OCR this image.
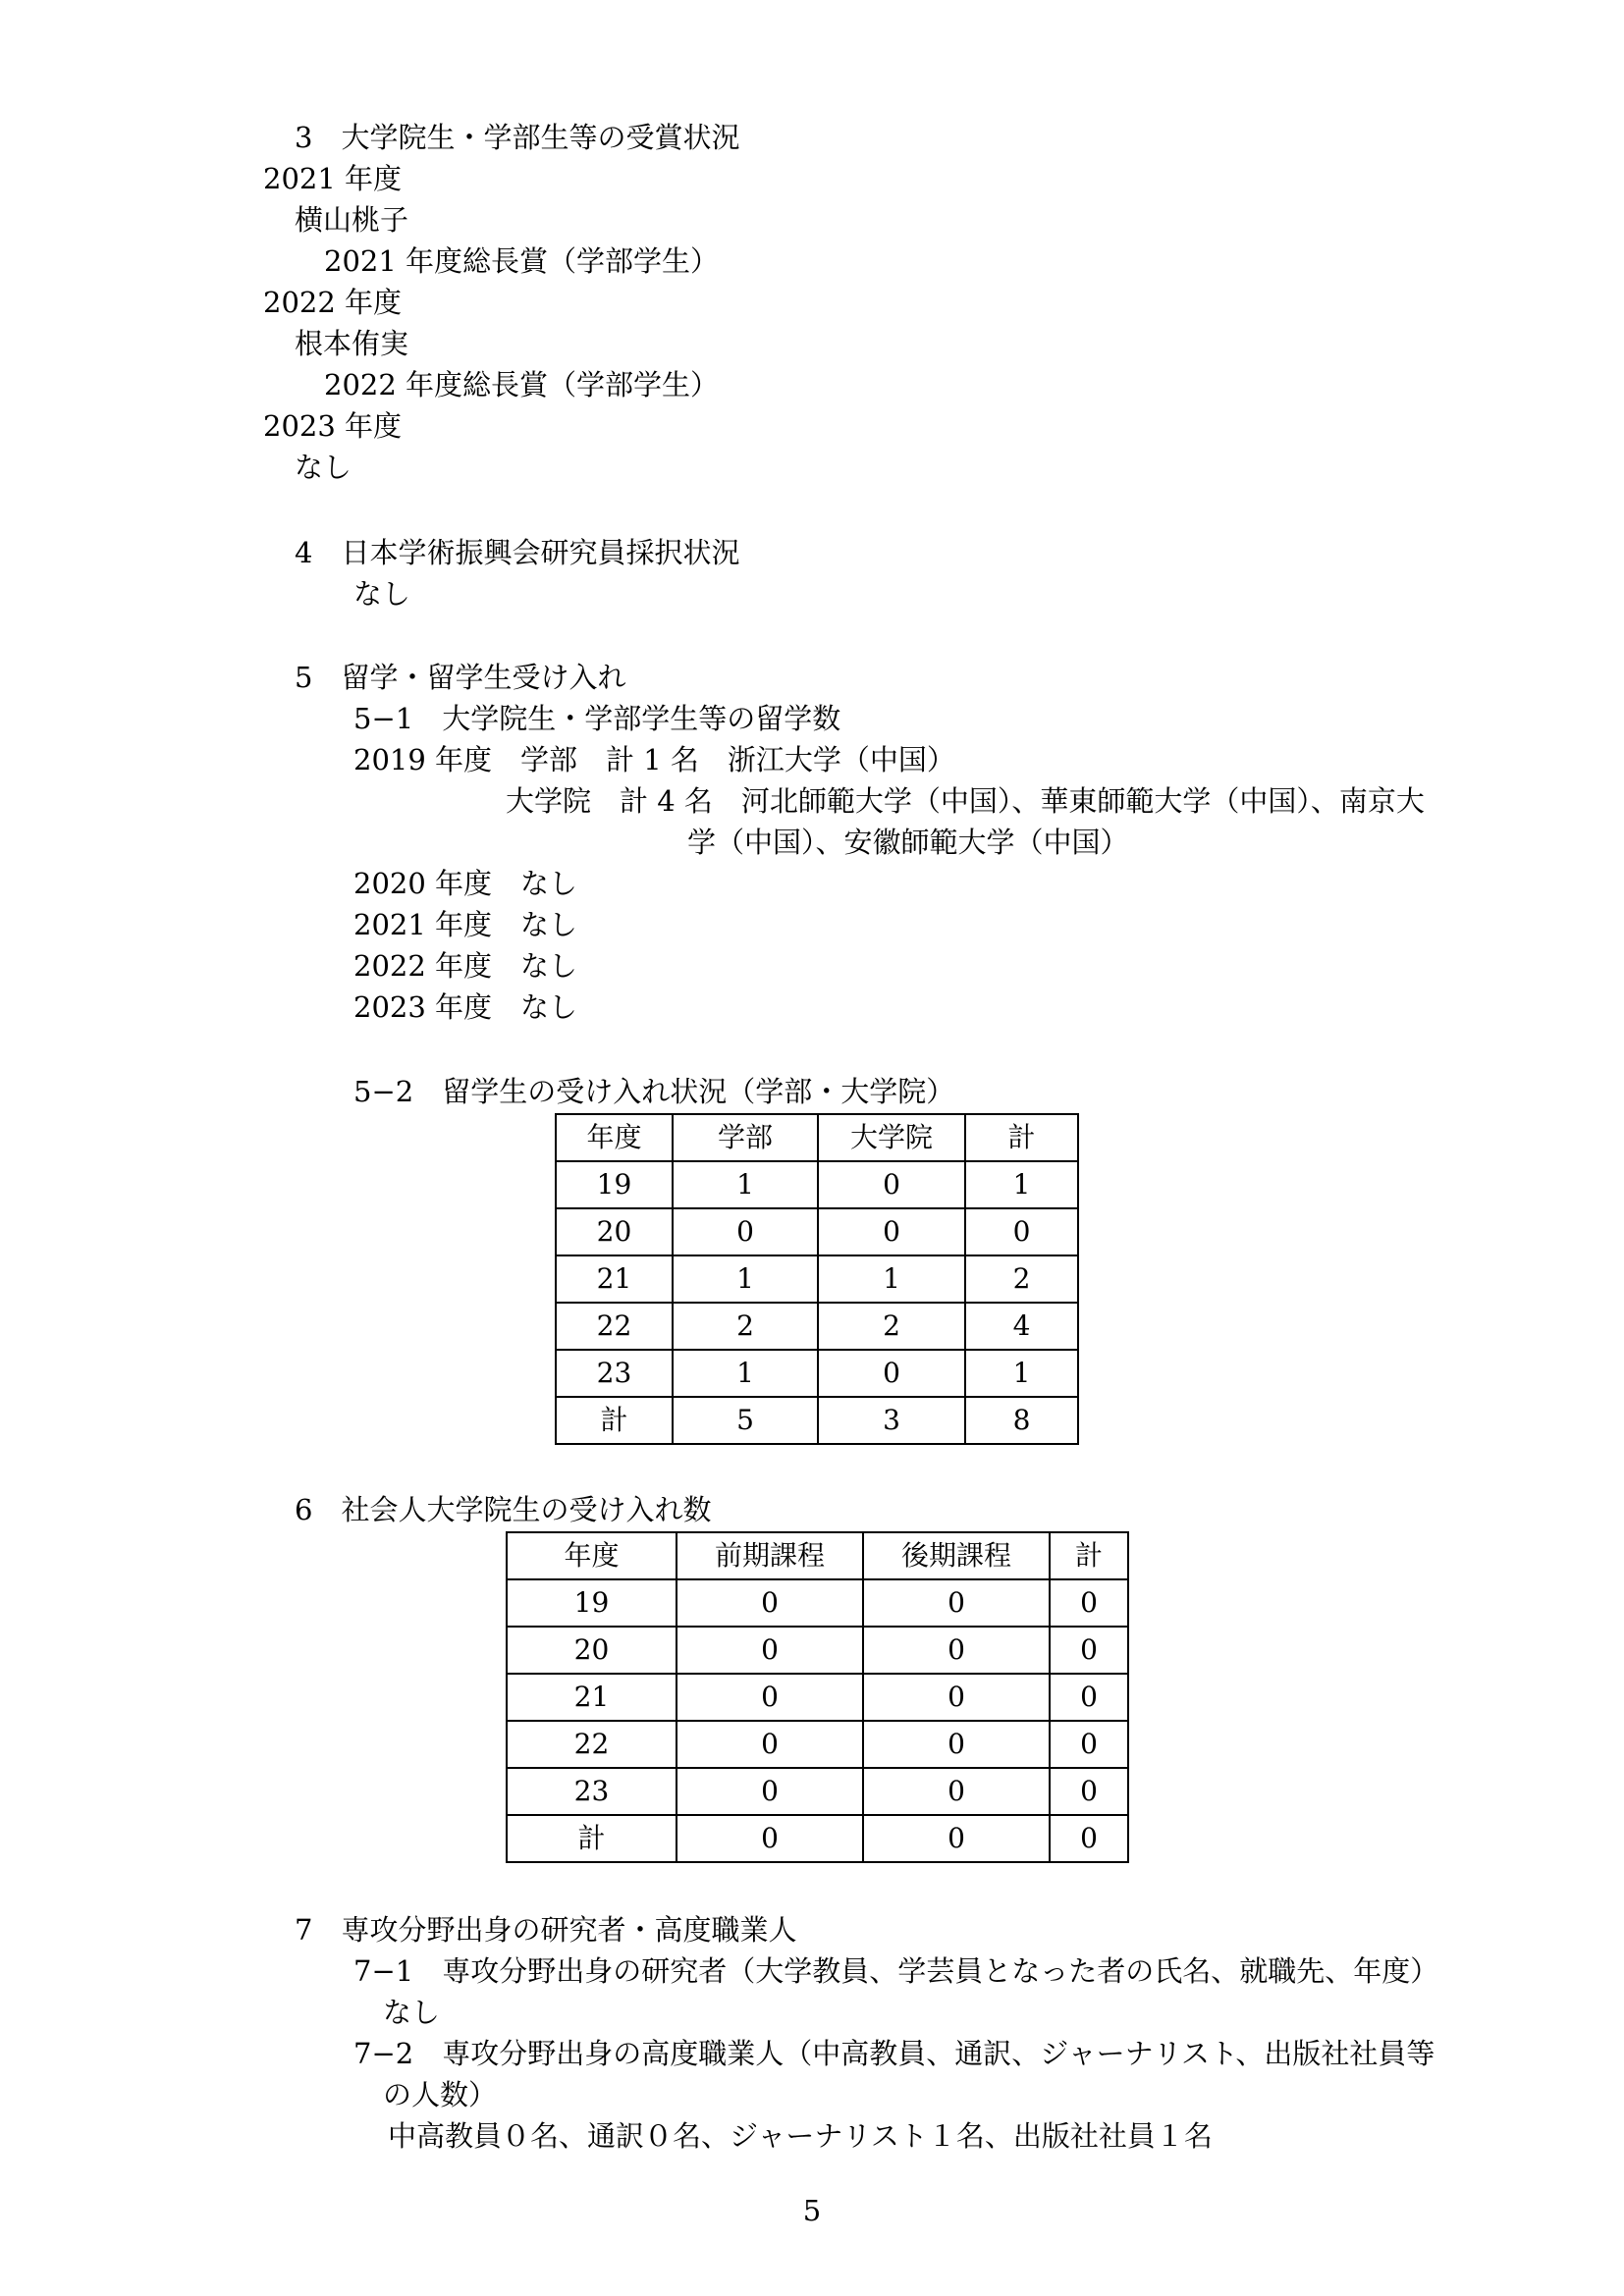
3　大学院生・学部生等の受賞状況
2021 年度
横山桃子
2021 年度総長賞（学部学生）
2022 年度
根本侑実
2022 年度総長賞（学部学生）
2023 年度
なし
4　日本学術振興会研究員採択状況
なし
5　留学・留学生受け入れ
5−1　大学院生・学部学生等の留学数
2019 年度　学部　計 1 名　浙江大学（中国）
大学院　計 4 名　河北師範大学（中国）、華東師範大学（中国）、南京大
学（中国）、安徽師範大学（中国）
2020 年度　なし
2021 年度　なし
2022 年度　なし
2023 年度　なし
5−2　留学生の受け入れ状況（学部・大学院）
年度	学部	大学院	計
19	1	0	1
20	0	0	0
21	1	1	2
22	2	2	4
23	1	0	1
計	5	3	8
6　社会人大学院生の受け入れ数
年度	前期課程	後期課程	計
19	0	0	0
20	0	0	0
21	0	0	0
22	0	0	0
23	0	0	0
計	0	0	0
7　専攻分野出身の研究者・高度職業人
7−1　専攻分野出身の研究者（大学教員、学芸員となった者の氏名、就職先、年度）
なし
7−2　専攻分野出身の高度職業人（中高教員、通訳、ジャーナリスト、出版社社員等
の人数）
中高教員０名、通訳０名、ジャーナリスト１名、出版社社員１名
5
